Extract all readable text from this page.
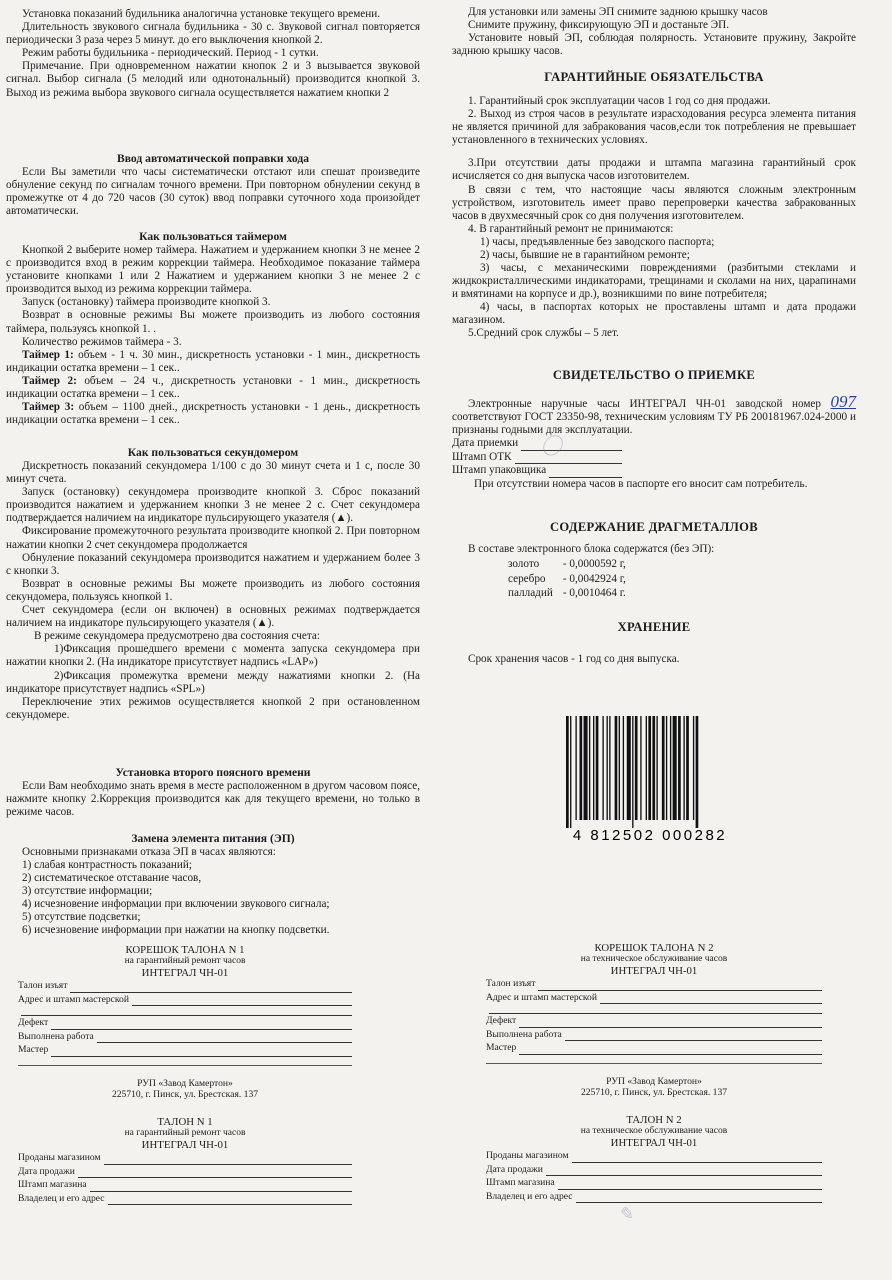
Установка показаний будильника аналогична установке текущего времени.

Длительность звукового сигнала будильника - 30 с. Звуковой сигнал повторяется периодически 3 раза через 5 минут. до его выключения кнопкой 2.

Режим работы будильника - периодический. Период - 1 сутки.

Примечание. При одновременном нажатии кнопок 2 и 3 вызывается звуковой сигнал. Выбор сигнала (5 мелодий или однотональный) производится кнопкой 3. Выход из режима выбора звукового сигнала осуществляется нажатием кнопки 2

Ввод автоматической поправки хода

Если Вы заметили что часы систематически отстают или спешат произведите обнуление секунд по сигналам точного времени. При повторном обнулении секунд в промежутке от 4 до 720 часов (30 суток) ввод поправки суточного хода произойдет автоматически.

Как пользоваться таймером

Кнопкой 2 выберите номер таймера. Нажатием и удержанием кнопки 3 не менее 2 с производится вход в режим коррекции таймера. Необходимое показание таймера установите кнопками 1 или 2 Нажатием и удержанием кнопки 3 не менее 2 с производится выход из режима коррекции таймера.

Запуск (остановку) таймера производите кнопкой 3.

Возврат в основные режимы Вы можете производить из любого состояния таймера, пользуясь кнопкой 1. .

Количество режимов таймера - 3.

Таймер 1: объем - 1 ч. 30 мин., дискретность установки - 1 мин., дискретность индикации остатка времени – 1 сек..

Таймер 2: объем – 24 ч., дискретность установки - 1 мин., дискретность индикации остатка времени – 1 сек..

Таймер 3: объем – 1100 дней., дискретность установки - 1 день., дискретность индикации остатка времени – 1 сек..

Как пользоваться секундомером

Дискретность показаний секундомера 1/100 с до 30 минут счета и 1 с, после 30 минут счета.

Запуск (остановку) секундомера производите кнопкой 3. Сброс показаний производится нажатием и удержанием кнопки 3 не менее 2 с. Счет секундомера подтверждается наличием на индикаторе пульсирующего указателя (▲).

Фиксирование промежуточного результата производите кнопкой 2. При повторном нажатии кнопки 2 счет секундомера продолжается

Обнуление показаний секундомера производится нажатием и удержанием более 3 с кнопки 3.

Возврат в основные режимы Вы можете производить из любого состояния секундомера, пользуясь кнопкой 1.

Счет секундомера (если он включен) в основных режимах подтверждается наличием на индикаторе пульсирующего указателя (▲).

В режиме секундомера предусмотрено два состояния счета:

1)Фиксация прошедшего времени с момента запуска секундомера при нажатии кнопки 2. (На индикаторе присутствует надпись «LAP»)

2)Фиксация промежутка времени между нажатиями кнопки 2. (На индикаторе присутствует надпись «SPL»)

Переключение этих режимов осуществляется кнопкой 2 при остановленном секундомере.

Установка второго поясного времени

Если Вам необходимо знать время в месте расположенном в другом часовом поясе, нажмите кнопку 2.Коррекция производится как для текущего времени, но только в режиме часов.

Замена элемента питания (ЭП)

Основными признаками отказа ЭП в часах являются:

1) слабая контрастность показаний;
2) систематическое отставание часов,
3) отсутствие информации;
4) исчезновение информации при включении звукового сигнала;
5) отсутствие подсветки;
6) исчезновение информации при нажатии на кнопку подсветки.

Для установки или замены ЭП снимите заднюю крышку часов

Снимите пружину, фиксирующую ЭП и достаньте ЭП.

Установите новый ЭП, соблюдая полярность. Установите пружину, Закройте заднюю крышку часов.

ГАРАНТИЙНЫЕ ОБЯЗАТЕЛЬСТВА

1. Гарантийный срок эксплуатации часов 1 год со дня продажи.

2. Выход из строя часов в результате израсходования ресурса элемента питания не является причиной для забракования часов,если ток потребления не превышает установленного в технических условиях.

3.При отсутствии даты продажи и штампа магазина гарантийный срок исчисляется со дня выпуска часов изготовителем.

В связи с тем, что настоящие часы являются сложным электронным устройством, изготовитель имеет право перепроверки качества забракованных часов в двухмесячный срок со дня получения изготовителем.

4. В гарантийный ремонт не принимаются:

1) часы, предъявленные без заводского паспорта;
2) часы, бывшие не в гарантийном ремонте;
3) часы, с механическими повреждениями (разбитыми стеклами и жидкокристаллическими индикаторами, трещинами и сколами на них, царапинами и вмятинами на корпусе и др.), возникшими по вине потребителя;
4) часы, в паспортах которых не проставлены штамп и дата продажи магазином.

5.Средний срок службы – 5 лет.

СВИДЕТЕЛЬСТВО О ПРИЕМКЕ

Электронные наручные часы ИНТЕГРАЛ ЧН-01 заводской номер 097 соответствуют ГОСТ 23350-98, техническим условиям ТУ РБ 200181967.024-2000 и признаны годными для эксплуатации.

Дата приемки
Штамп ОТК
Штамп упаковщика

При отсутствии номера часов в паспорте его вносит сам потребитель.

СОДЕРЖАНИЕ ДРАГМЕТАЛЛОВ

В составе электронного блока содержатся (без ЭП):

золото	- 0,0000592 г,
серебро	- 0,0042924 г,
палладий	- 0,0010464 г.
ХРАНЕНИЕ

Срок хранения часов - 1 год со дня выпуска.

〇
✎
4 812502 000282
КОРЕШОК ТАЛОНА N 1
на гарантийный ремонт часов
ИНТЕГРАЛ ЧН-01
Талон изъят
Адрес и штамп мастерской
Дефект
Выполнена работа
Мастер
РУП «Завод Камертон»
225710, г. Пинск, ул. Брестская. 137
ТАЛОН N 1
на гарантийный ремонт часов
ИНТЕГРАЛ ЧН-01
Проданы магазином
Дата продажи
Штамп магазина
Владелец и его адрес
КОРЕШОК ТАЛОНА N 2
на техническое обслуживание часов
ИНТЕГРАЛ ЧН-01
Талон изъят
Адрес и штамп мастерской
Дефект
Выполнена работа
Мастер
РУП «Завод Камертон»
225710, г. Пинск, ул. Брестская. 137
ТАЛОН N 2
на техническое обслуживание часов
ИНТЕГРАЛ ЧН-01
Проданы магазином
Дата продажи
Штамп магазина
Владелец и его адрес
